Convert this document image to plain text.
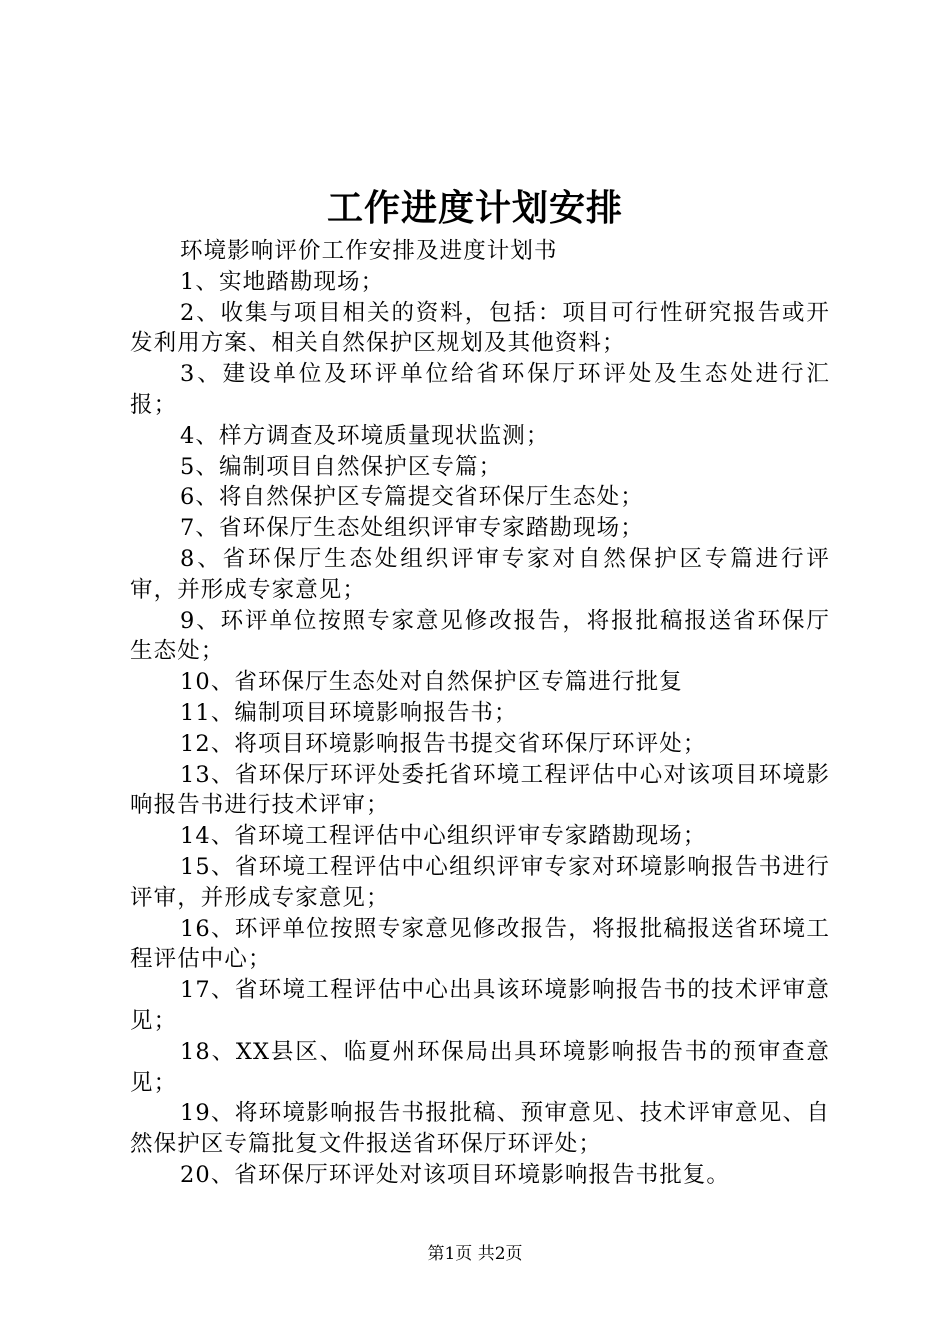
工作进度计划安排

环境影响评价工作安排及进度计划书

1、实地踏勘现场；

2、收集与项目相关的资料，包括：项目可行性研究报告或开发利用方案、相关自然保护区规划及其他资料；

3、建设单位及环评单位给省环保厅环评处及生态处进行汇报；

4、样方调查及环境质量现状监测；

5、编制项目自然保护区专篇；

6、将自然保护区专篇提交省环保厅生态处；

7、省环保厅生态处组织评审专家踏勘现场；

8、省环保厅生态处组织评审专家对自然保护区专篇进行评审，并形成专家意见；

9、环评单位按照专家意见修改报告，将报批稿报送省环保厅生态处；

10、省环保厅生态处对自然保护区专篇进行批复

11、编制项目环境影响报告书；

12、将项目环境影响报告书提交省环保厅环评处；

13、省环保厅环评处委托省环境工程评估中心对该项目环境影响报告书进行技术评审；

14、省环境工程评估中心组织评审专家踏勘现场；

15、省环境工程评估中心组织评审专家对环境影响报告书进行评审，并形成专家意见；

16、环评单位按照专家意见修改报告，将报批稿报送省环境工程评估中心；

17、省环境工程评估中心出具该环境影响报告书的技术评审意见；

18、XX县区、临夏州环保局出具环境影响报告书的预审查意见；

19、将环境影响报告书报批稿、预审意见、技术评审意见、自然保护区专篇批复文件报送省环保厅环评处；

20、省环保厅环评处对该项目环境影响报告书批复。

第1页 共2页
